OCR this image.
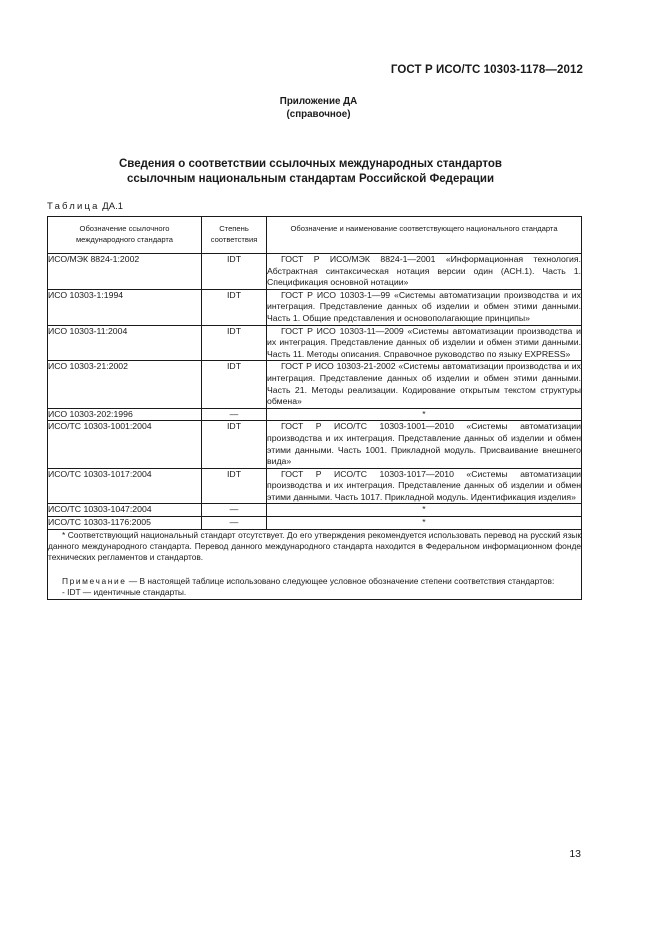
ГОСТ Р ИСО/ТС 10303-1178—2012
Приложение ДА
(справочное)
Сведения о соответствии ссылочных международных стандартов
ссылочным национальным стандартам Российской Федерации
Таблица ДА.1
Обозначение ссылочного международного стандарта	Степень соответствия	Обозначение и наименование соответствующего национального стандарта

ИСО/МЭК 8824-1:2002	IDT	ГОСТ Р ИСО/МЭК 8824-1—2001 «Информационная технология. Абстрактная синтаксическая нотация версии один (АСН.1). Часть 1. Спецификация основной нотации»
ИСО 10303-1:1994	IDT	ГОСТ Р ИСО 10303-1—99 «Системы автоматизации производства и их интеграция. Представление данных об изделии и обмен этими данными. Часть 1. Общие представления и основополагающие принципы»
ИСО 10303-11:2004	IDT	ГОСТ Р ИСО 10303-11—2009 «Системы автоматизации производства и их интеграция. Представление данных об изделии и обмен этими данными. Часть 11. Методы описания. Справочное руководство по языку EXPRESS»
ИСО 10303-21:2002	IDT	ГОСТ Р ИСО 10303-21-2002 «Системы автоматизации производства и их интеграция. Представление данных об изделии и обмен этими данными. Часть 21. Методы реализации. Кодирование открытым текстом структуры обмена»
ИСО 10303-202:1996	—	*
ИСО/ТС 10303-1001:2004	IDT	ГОСТ Р ИСО/ТС 10303-1001—2010 «Системы автоматизации производства и их интеграция. Представление данных об изделии и обмен этими данными. Часть 1001. Прикладной модуль. Присваивание внешнего вида»
ИСО/ТС 10303-1017:2004	IDT	ГОСТ Р ИСО/ТС 10303-1017—2010 «Системы автоматизации производства и их интеграция. Представление данных об изделии и обмен этими данными. Часть 1017. Прикладной модуль. Идентификация изделия»
ИСО/ТС 10303-1047:2004	—	*
ИСО/ТС 10303-1176:2005	—	*

* Соответствующий национальный стандарт отсутствует. До его утверждения рекомендуется использовать перевод на русский язык данного международного стандарта. Перевод данного международного стандарта находится в Федеральном информационном фонде технических регламентов и стандартов.

Примечание — В настоящей таблице использовано следующее условное обозначение степени соответствия стандартов:

- IDT — идентичные стандарты.		

13
